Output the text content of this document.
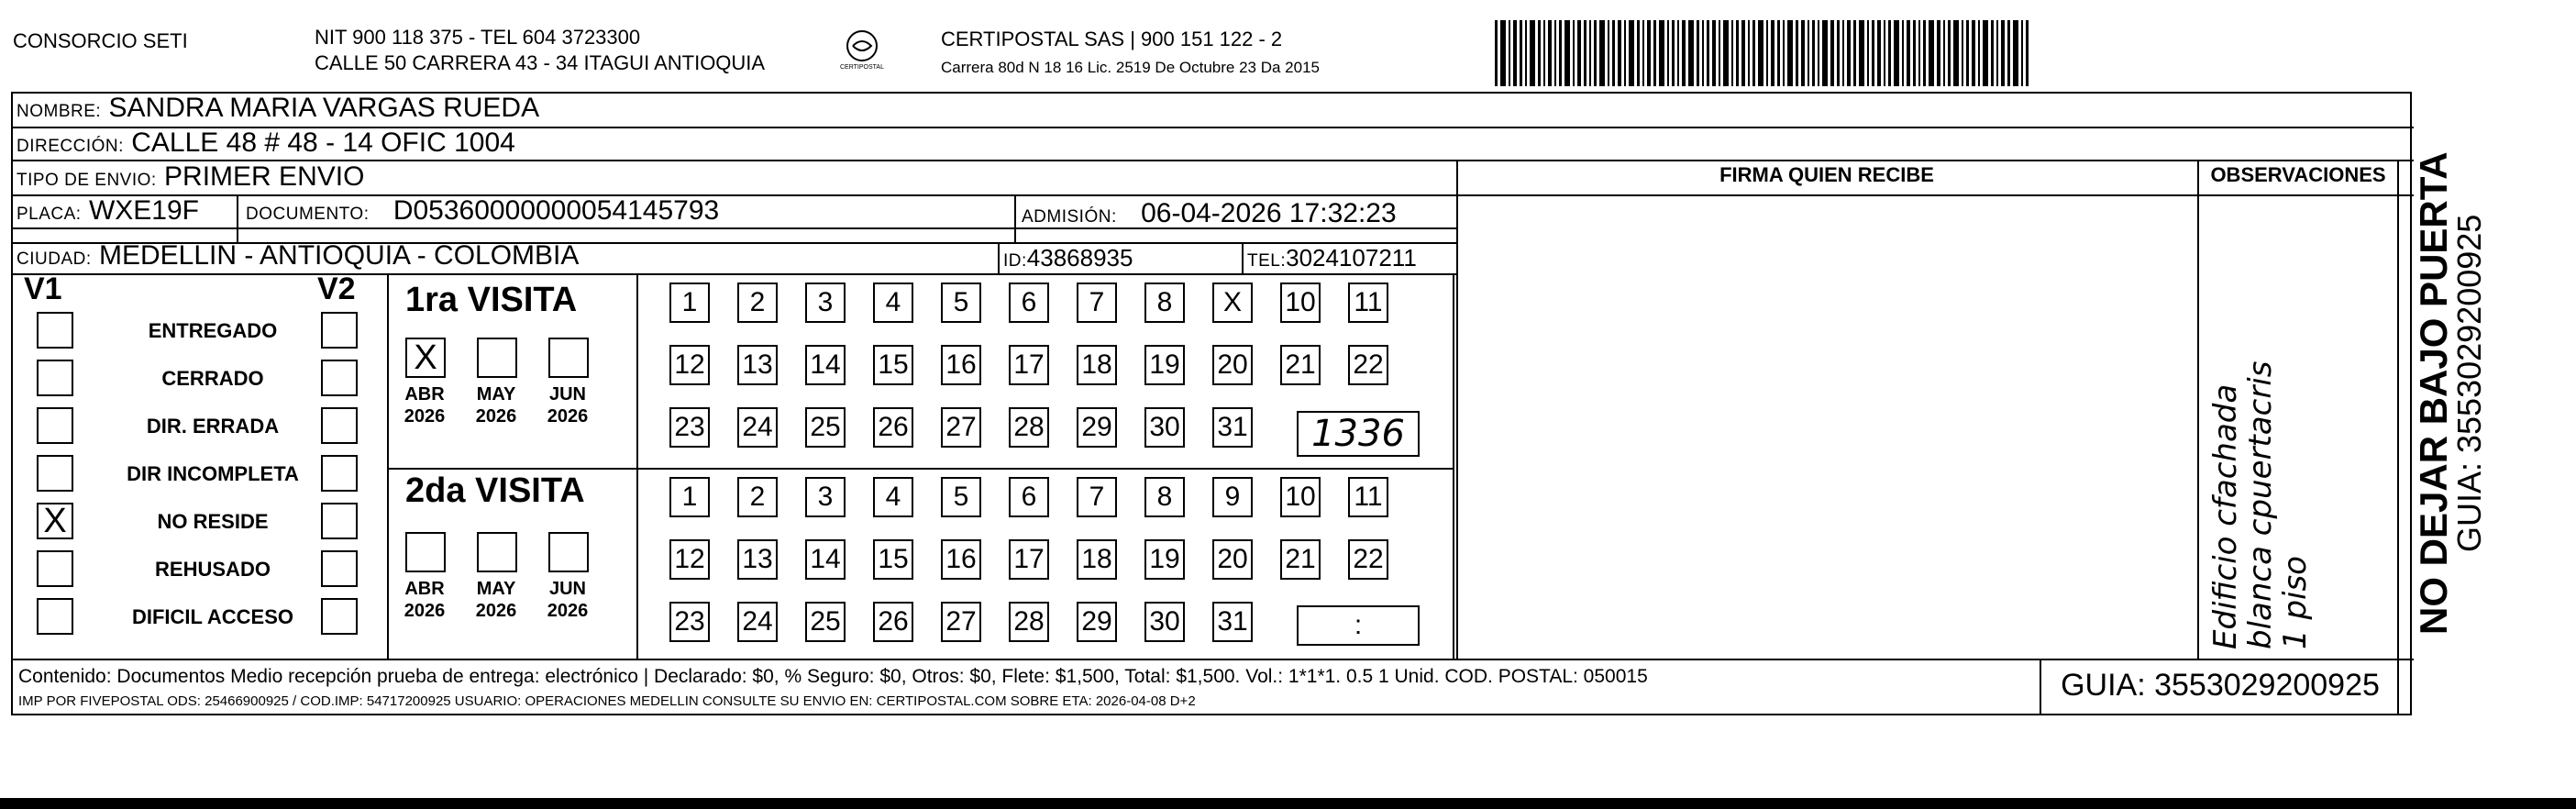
CONSORCIO SETI	NIT 900 118 375 - TEL 604 3723300
CALLE 50 CARRERA 43 - 34 ITAGUI ANTIOQUIA	CERTIPOSTAL
CERTIPOSTAL SAS | 900 151 122 - 2
Carrera 80d N 18 16 Lic. 2519 De Octubre 23 Da 2015
NOMBRE: SANDRA MARIA VARGAS RUEDA
DIRECCIÓN: CALLE 48 # 48 - 14 OFIC 1004
TIPO DE ENVIO: PRIMER ENVIO
PLACA: WXE19F	DOCUMENTO: D05360000000054145793	ADMISIÓN: 06-04-2026 17:32:23
CIUDAD: MEDELLIN - ANTIOQUIA - COLOMBIA	ID:43868935	TEL:3024107211
FIRMA QUIEN RECIBE	OBSERVACIONES
Edificio cfachada
blanca cpuertacris
1 piso
V1	V2
ENTREGADO
CERRADO
DIR. ERRADA
DIR INCOMPLETA
X	NO RESIDE
REHUSADO
DIFICIL ACCESO
1ra VISITA
X
ABR
2026
MAY
2026
JUN
2026
1	2	3	4	5	6	7	8	X	10 11
12 13 14 15 16 17 18 19 20 21 22
23 24 25 26 27 28 29 30 31	1336
2da VISITA
ABR
2026
MAY
2026
JUN
2026
1	2	3	4	5	6	7	8	9	10 11
12 13 14 15 16 17 18 19 20 21 22
23 24 25 26 27 28 29 30 31	:
Contenido: Documentos Medio recepción prueba de entrega: electrónico | Declarado: $0, % Seguro: $0, Otros: $0, Flete: $1,500, Total: $1,500. Vol.: 1*1*1. 0.5 1 Unid. COD. POSTAL: 050015
IMP POR FIVEPOSTAL ODS: 25466900925 / COD.IMP: 54717200925 USUARIO: OPERACIONES MEDELLIN CONSULTE SU ENVIO EN: CERTIPOSTAL.COM SOBRE ETA: 2026-04-08 D+2	GUIA: 3553029200925
NO DEJAR BAJO PUERTA
GUIA: 3553029200925
